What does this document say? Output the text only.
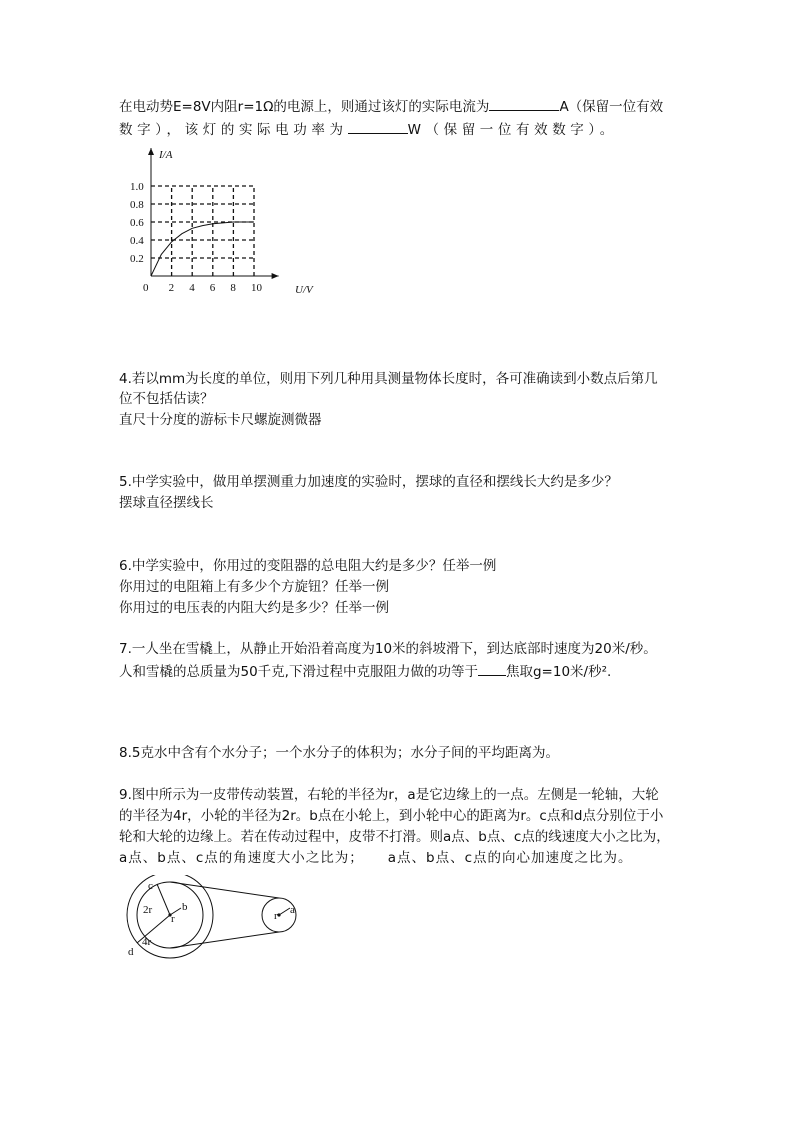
在电动势E=8V内阻r=1Ω的电源上，则通过该灯的实际电流为	A（保留一位有效
数字），该灯的实际电功率为	W（保留一位有效数字）。
0 2 4 6 8 10
0.2
0.4
0.6
0.8
1.0
I/A
U/V
4.若以mm为长度的单位，则用下列几种用具测量物体长度时，各可准确读到小数点后第几
位不包括估读？
直尺十分度的游标卡尺螺旋测微器
5.中学实验中，做用单摆测重力加速度的实验时，摆球的直径和摆线长大约是多少？
摆球直径摆线长
6.中学实验中，你用过的变阻器的总电阻大约是多少？任举一例
你用过的电阻箱上有多少个方旋钮？任举一例
你用过的电压表的内阻大约是多少？任举一例
7.一人坐在雪橇上，从静止开始沿着高度为10米的斜坡滑下，到达底部时速度为20米/秒。
人和雪橇的总质量为50千克,下滑过程中克服阻力做的功等于 焦取g=10米/秒².
8.5克水中含有个水分子；一个水分子的体积为；水分子间的平均距离为。
9.图中所示为一皮带传动装置，右轮的半径为r，a是它边缘上的一点。左侧是一轮轴，大轮
的半径为4r，小轮的半径为2r。b点在小轮上，到小轮中心的距离为r。c点和d点分别位于小
轮和大轮的边缘上。若在传动过程中，皮带不打滑。则a点、b点、c点的线速度大小之比为，
a点、b点、c点的角速度大小之比为； a点、b点、c点的向心加速度之比为。
c
2r
r
b
4r
d
r a
